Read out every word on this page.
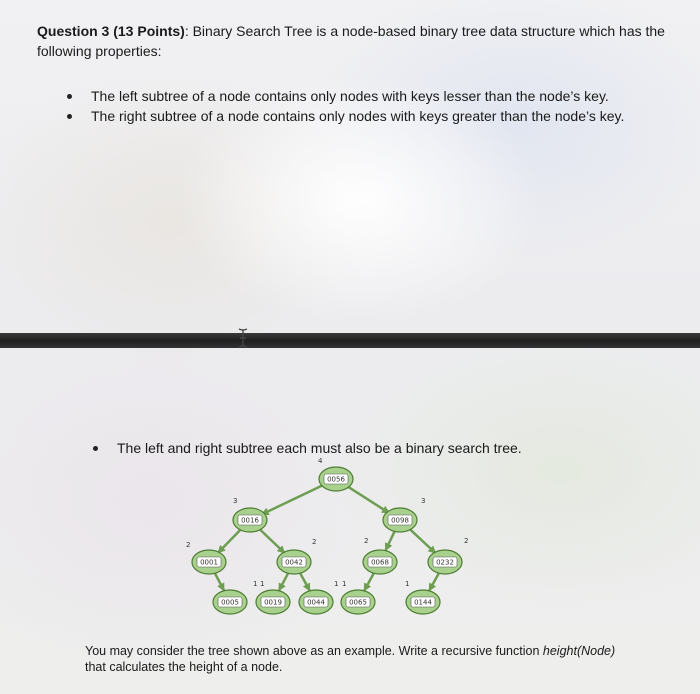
Question 3 (13 Points): Binary Search Tree is a node-based binary tree data structure which has the
following properties:
The left subtree of a node contains only nodes with keys lesser than the node’s key.
The right subtree of a node contains only nodes with keys greater than the node’s key.
The left and right subtree each must also be a binary search tree.
0056
4
0016
3
0098
3
0001
2
0042
2
0068
2
0232
2
0005
1
0019
1
0044
1
0065
1
0144
1
You may consider the tree shown above as an example. Write a recursive function height(Node)
that calculates the height of a node.
